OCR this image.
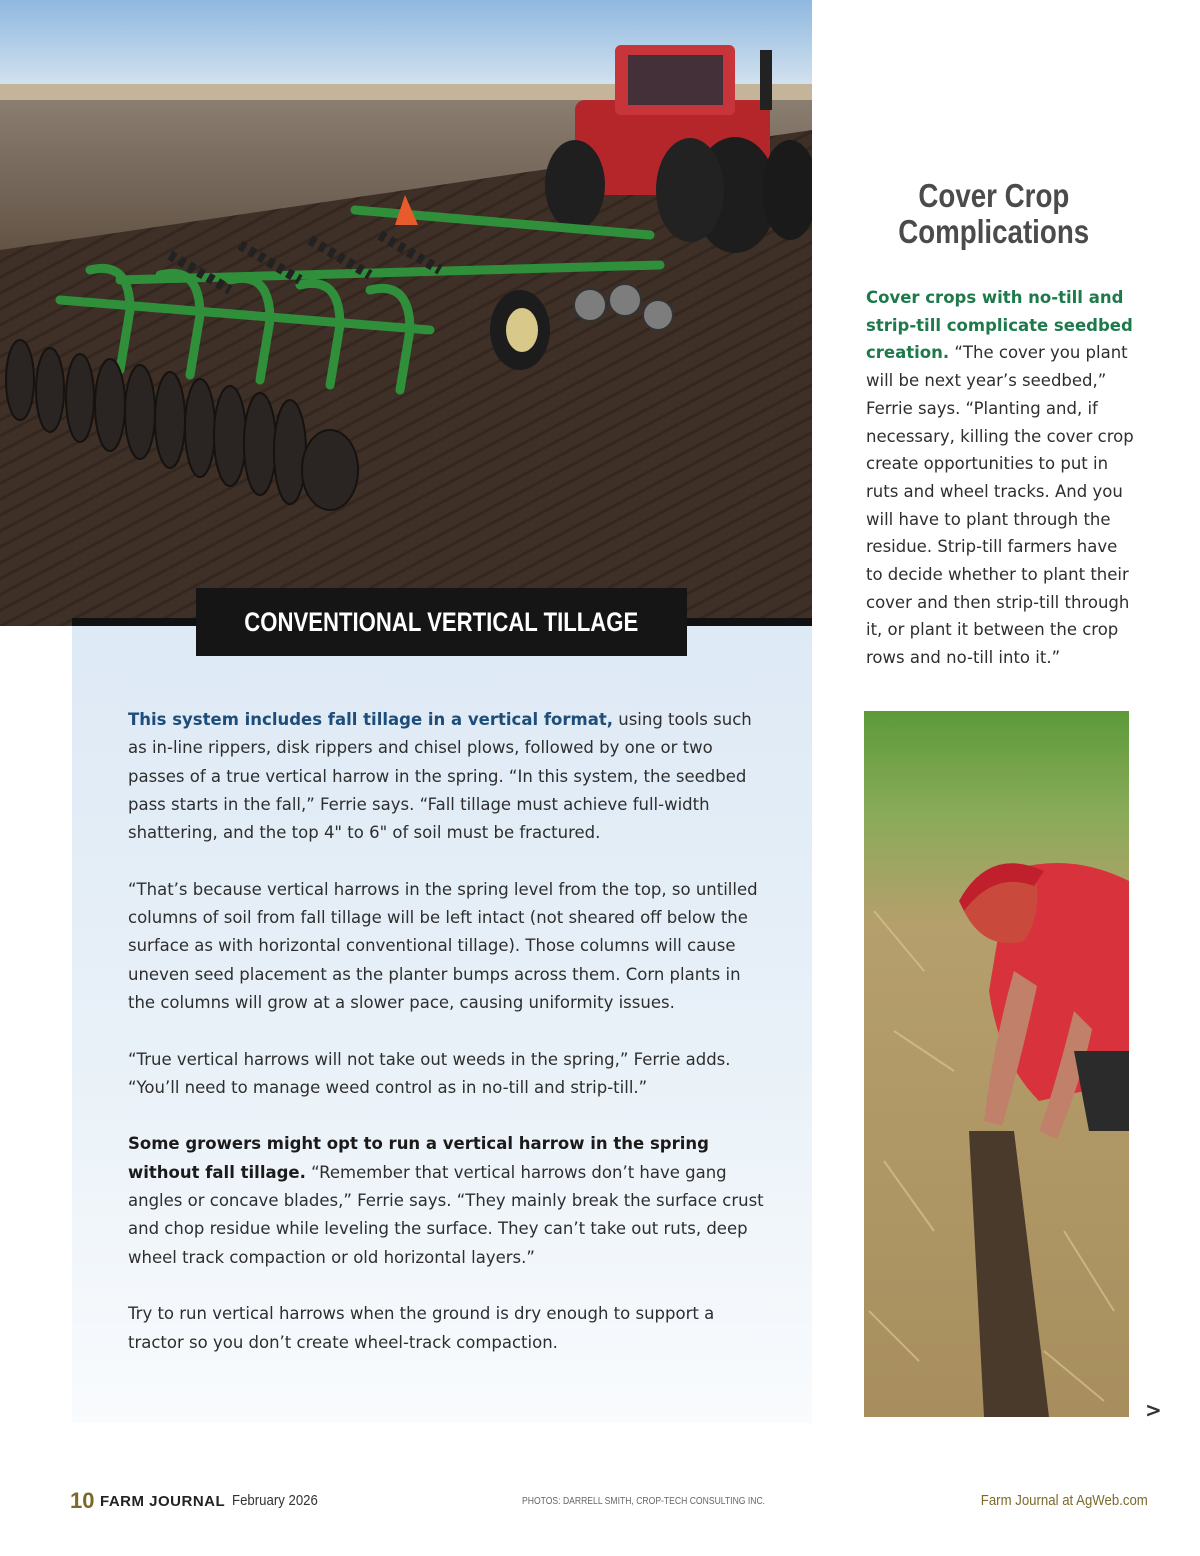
CONVENTIONAL VERTICAL TILLAGE

This system includes fall tillage in a vertical format, using tools such as in-line rippers, disk rippers and chisel plows, followed by one or two passes of a true vertical harrow in the spring. “In this system, the seedbed pass starts in the fall,” Ferrie says. “Fall tillage must achieve full-width shattering, and the top 4" to 6" of soil must be fractured.

“That’s because vertical harrows in the spring level from the top, so untilled columns of soil from fall tillage will be left intact (not sheared off below the surface as with horizontal conventional tillage). Those columns will cause uneven seed placement as the planter bumps across them. Corn plants in the columns will grow at a slower pace, causing uniformity issues.

“True vertical harrows will not take out weeds in the spring,” Ferrie adds. “You’ll need to manage weed control as in no-till and strip-till.”

Some growers might opt to run a vertical harrow in the spring without fall tillage. “Remember that vertical harrows don’t have gang angles or concave blades,” Ferrie says. “They mainly break the surface crust and chop residue while leveling the surface. They can’t take out ruts, deep wheel track compaction or old horizontal layers.”

Try to run vertical harrows when the ground is dry enough to support a tractor so you don’t create wheel-track compaction.

Cover Crop
Complications
Cover crops with no-till and strip-till complicate seedbed creation. “The cover you plant will be next year’s seedbed,” Ferrie says. “Planting and, if necessary, killing the cover crop create opportunities to put in ruts and wheel tracks. And you will have to plant through the residue. Strip-till farmers have to decide whether to plant their cover and then strip-till through it, or plant it between the crop rows and no-till into it.”
>
10 FARM JOURNAL February 2026	PHOTOS: DARRELL SMITH, CROP-TECH CONSULTING INC.	Farm Journal at AgWeb.com
